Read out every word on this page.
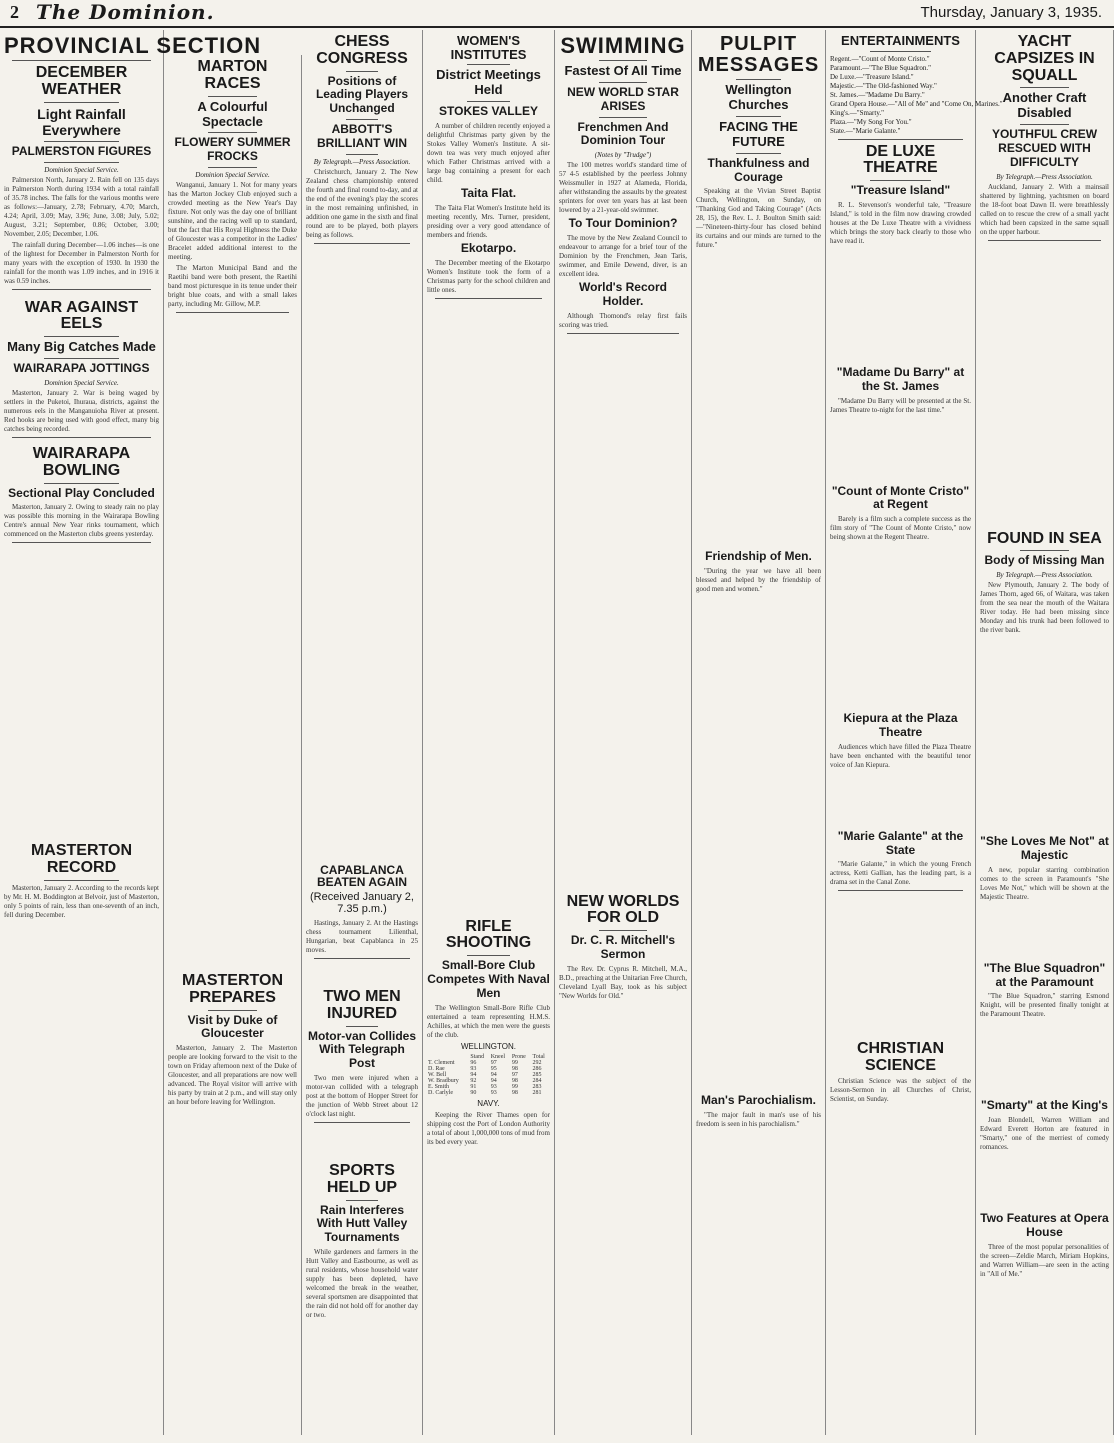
2 The Dominion.	Thursday, January 3, 1935.
PROVINCIAL SECTION
DECEMBER WEATHER
Light Rainfall Everywhere
PALMERSTON FIGURES
Dominion Special Service.

Palmerston North, January 2. Rain fell on 135 days in Palmerston North during 1934 with a total rainfall of 35.78 inches. The falls for the various months were as follows:—January, 2.78; February, 4.70; March, 4.24; April, 3.09; May, 3.96; June, 3.08; July, 5.02; August, 3.21; September, 0.86; October, 3.00; November, 2.05; December, 1.06.

The rainfall during December—1.06 inches—is one of the lightest for December in Palmerston North for many years with the exception of 1930. In 1930 the rainfall for the month was 1.09 inches, and in 1916 it was 0.59 inches.

WAR AGAINST EELS
Many Big Catches Made
WAIRARAPA JOTTINGS
Dominion Special Service.

Masterton, January 2. War is being waged by settlers in the Puketoi, Ihuraua, districts, against the numerous eels in the Manganuioha River at present. Red hooks are being used with good effect, many big catches being recorded.

WAIRARAPA BOWLING
Sectional Play Concluded

Masterton, January 2. Owing to steady rain no play was possible this morning in the Wairarapa Bowling Centre's annual New Year rinks tournament, which commenced on the Masterton clubs greens yesterday.

MASTERTON RECORD

Masterton, January 2. According to the records kept by Mr. H. M. Boddington at Belvoir, just of Masterton, only 5 points of rain, less than one-seventh of an inch, fell during December.

MARTON RACES
A Colourful Spectacle
FLOWERY SUMMER FROCKS
Dominion Special Service.

Wanganui, January 1. Not for many years has the Marton Jockey Club enjoyed such a crowded meeting as the New Year's Day fixture. Not only was the day one of brilliant sunshine, and the racing well up to standard, but the fact that His Royal Highness the Duke of Gloucester was a competitor in the Ladies' Bracelet added additional interest to the meeting.

The Marton Municipal Band and the Raetihi band were both present, the Raetihi band most picturesque in its tenue under their bright blue coats, and with a small lakes party, including Mr. Gillow, M.P.

MASTERTON PREPARES
Visit by Duke of Gloucester

Masterton, January 2. The Masterton people are looking forward to the visit to the town on Friday afternoon next of the Duke of Gloucester, and all preparations are now well advanced. The Royal visitor will arrive with his party by train at 2 p.m., and will stay only an hour before leaving for Wellington.

CHESS CONGRESS
Positions of Leading Players Unchanged
ABBOTT'S BRILLIANT WIN
By Telegraph.—Press Association.

Christchurch, January 2. The New Zealand chess championship entered the fourth and final round to-day, and at the end of the evening's play the scores in the most remaining unfinished, in addition one game in the sixth and final round are to be played, both players being as follows.

CAPABLANCA BEATEN AGAIN
(Received January 2, 7.35 p.m.)

Hastings, January 2. At the Hastings chess tournament Lilienthal, Hungarian, beat Capablanca in 25 moves.

TWO MEN INJURED
Motor-van Collides With Telegraph Post

Two men were injured when a motor-van collided with a telegraph post at the bottom of Hopper Street for the junction of Webb Street about 12 o'clock last night.

SPORTS HELD UP
Rain Interferes With Hutt Valley Tournaments

While gardeners and farmers in the Hutt Valley and Eastbourne, as well as rural residents, whose household water supply has been depleted, have welcomed the break in the weather, several sportsmen are disappointed that the rain did not hold off for another day or two.

WOMEN'S INSTITUTES
District Meetings Held
STOKES VALLEY

A number of children recently enjoyed a delightful Christmas party given by the Stokes Valley Women's Institute. A sit-down tea was very much enjoyed after which Father Christmas arrived with a large bag containing a present for each child.

Taita Flat.

The Taita Flat Women's Institute held its meeting recently, Mrs. Turner, president, presiding over a very good attendance of members and friends.

Ekotarpo.

The December meeting of the Ekotarpo Women's Institute took the form of a Christmas party for the school children and little ones.

RIFLE SHOOTING
Small-Bore Club Competes With Naval Men

The Wellington Small-Bore Rifle Club entertained a team representing H.M.S. Achilles, at which the men were the guests of the club.

WELLINGTON.
	Stand	Kneel	Prone	Total
T. Clement	96	97	99	292
D. Rae	93	95	98	286
W. Bell	94	94	97	285
W. Bradbury	92	94	98	284
E. Smith	91	93	99	283
D. Carlyle	90	93	98	281
NAVY.

Keeping the River Thames open for shipping cost the Port of London Authority a total of about 1,000,000 tons of mud from its bed every year.

SWIMMING
Fastest Of All Time
NEW WORLD STAR ARISES
Frenchmen And Dominion Tour
(Notes by "Trudge")

The 100 metres world's standard time of 57 4-5 established by the peerless Johnny Weissmuller in 1927 at Alameda, Florida, after withstanding the assaults by the greatest sprinters for over ten years has at last been lowered by a 21-year-old swimmer.

To Tour Dominion?

The move by the New Zealand Council to endeavour to arrange for a brief tour of the Dominion by the Frenchmen, Jean Taris, swimmer, and Emile Dewend, diver, is an excellent idea.

World's Record Holder.

Although Thomond's relay first fails scoring was tried.

NEW WORLDS FOR OLD
Dr. C. R. Mitchell's Sermon

The Rev. Dr. Cyprus R. Mitchell, M.A., B.D., preaching at the Unitarian Free Church, Cleveland Lyall Bay, took as his subject "New Worlds for Old."

PULPIT MESSAGES
Wellington Churches
FACING THE FUTURE
Thankfulness and Courage

Speaking at the Vivian Street Baptist Church, Wellington, on Sunday, on "Thanking God and Taking Courage" (Acts 28, 15), the Rev. L. J. Boulton Smith said:—"Nineteen-thirty-four has closed behind its curtains and our minds are turned to the future."

Friendship of Men.

"During the year we have all been blessed and helped by the friendship of good men and women."

Man's Parochialism.

"The major fault in man's use of his freedom is seen in his parochialism."

ENTERTAINMENTS
Regent.—"Count of Monte Cristo."
Paramount.—"The Blue Squadron."
De Luxe.—"Treasure Island."
Majestic.—"The Old-fashioned Way."
St. James.—"Madame Du Barry."
Grand Opera House.—"All of Me" and "Come On, Marines."
King's.—"Smarty."
Plaza.—"My Song For You."
State.—"Marie Galante."
DE LUXE THEATRE
"Treasure Island"

R. L. Stevenson's wonderful tale, "Treasure Island," is told in the film now drawing crowded houses at the De Luxe Theatre with a vividness which brings the story back clearly to those who have read it.

"Madame Du Barry" at the St. James

"Madame Du Barry will be presented at the St. James Theatre to-night for the last time."

"Count of Monte Cristo" at Regent

Barely is a film such a complete success as the film story of "The Count of Monte Cristo," now being shown at the Regent Theatre.

Kiepura at the Plaza Theatre

Audiences which have filled the Plaza Theatre have been enchanted with the beautiful tenor voice of Jan Kiepura.

"Marie Galante" at the State

"Marie Galante," in which the young French actress, Ketti Gallian, has the leading part, is a drama set in the Canal Zone.

CHRISTIAN SCIENCE

Christian Science was the subject of the Lesson-Sermon in all Churches of Christ, Scientist, on Sunday.

YACHT CAPSIZES IN SQUALL
Another Craft Disabled
YOUTHFUL CREW RESCUED WITH DIFFICULTY
By Telegraph.—Press Association.

Auckland, January 2. With a mainsail shattered by lightning, yachtsmen on board the 18-foot boat Dawn II. were breathlessly called on to rescue the crew of a small yacht which had been capsized in the same squall on the upper harbour.

FOUND IN SEA
Body of Missing Man
By Telegraph.—Press Association.

New Plymouth, January 2. The body of James Thorn, aged 66, of Waitara, was taken from the sea near the mouth of the Waitara River today. He had been missing since Monday and his trunk had been followed to the river bank.

"She Loves Me Not" at Majestic

A new, popular starring combination comes to the screen in Paramount's "She Loves Me Not," which will be shown at the Majestic Theatre.

"The Blue Squadron" at the Paramount

"The Blue Squadron," starring Esmond Knight, will be presented finally tonight at the Paramount Theatre.

"Smarty" at the King's

Joan Blondell, Warren William and Edward Everett Horton are featured in "Smarty," one of the merriest of comedy romances.

Two Features at Opera House

Three of the most popular personalities of the screen—Zeldie March, Miriam Hopkins, and Warren William—are seen in the acting in "All of Me."
